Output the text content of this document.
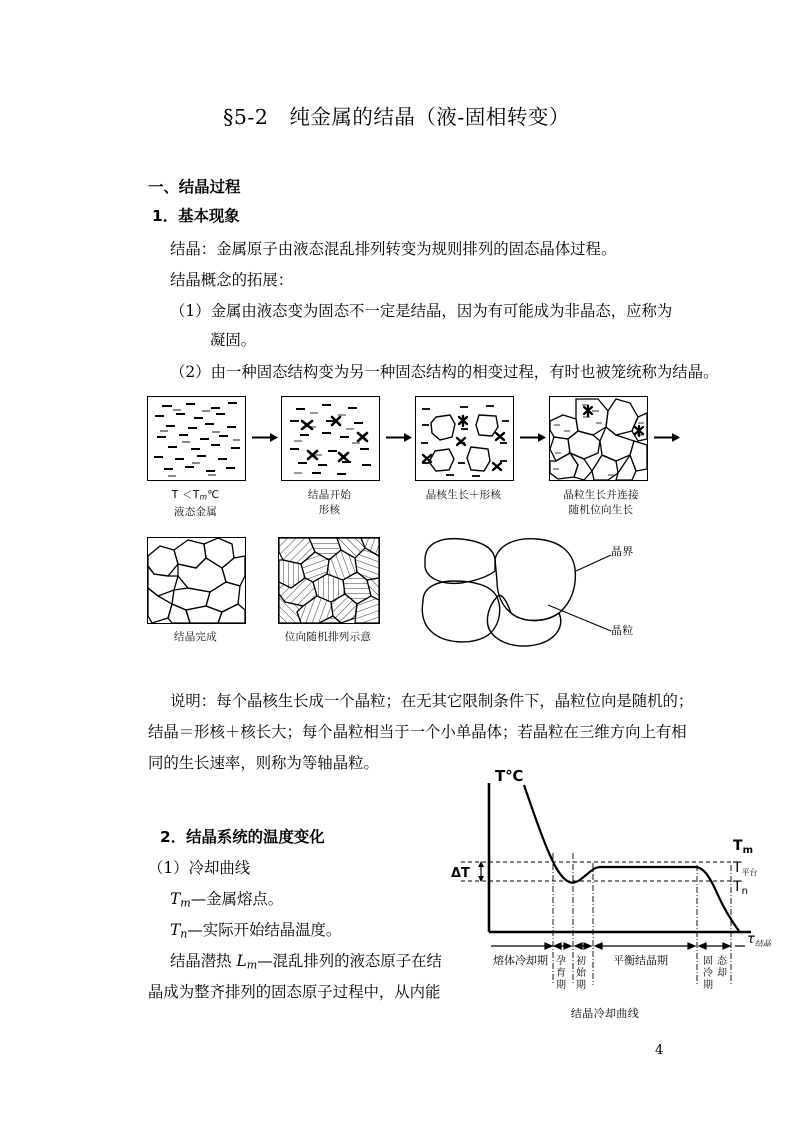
§5-2　纯金属的结晶（液-固相转变）
一、结晶过程
1．基本现象
结晶：金属原子由液态混乱排列转变为规则排列的固态晶体过程。
结晶概念的拓展：
（1）金属由液态变为固态不一定是结晶，因为有可能成为非晶态，应称为
凝固。
（2）由一种固态结构变为另一种固态结构的相变过程，有时也被笼统称为结晶。
$T <T_m℃$
液态金属
结晶开始
形核
晶核生长＋形核	晶粒生长并连接
随机位向生长
结晶完成	位向随机排列示意
晶界
晶粒
说明：每个晶核生长成一个晶粒；在无其它限制条件下，晶粒位向是随机的；
结晶＝形核＋核长大；每个晶粒相当于一个小单晶体；若晶粒在三维方向上有相
同的生长速率，则称为等轴晶粒。
2．结晶系统的温度变化
（1）冷却曲线
$T_m—$金属熔点。
$T_n—$实际开始结晶温度。
结晶潜热 $L_m—$混乱排列的液态原子在结
晶成为整齐排列的固态原子过程中，从内能
T℃
$T_m$
$T_{平台}$
$T_n$
ΔT
$\tau_{结晶}$
熔体冷却期 孕
育
期
初
始
期
平衡结晶期	固
冷
期
态
却
结晶冷却曲线
4
